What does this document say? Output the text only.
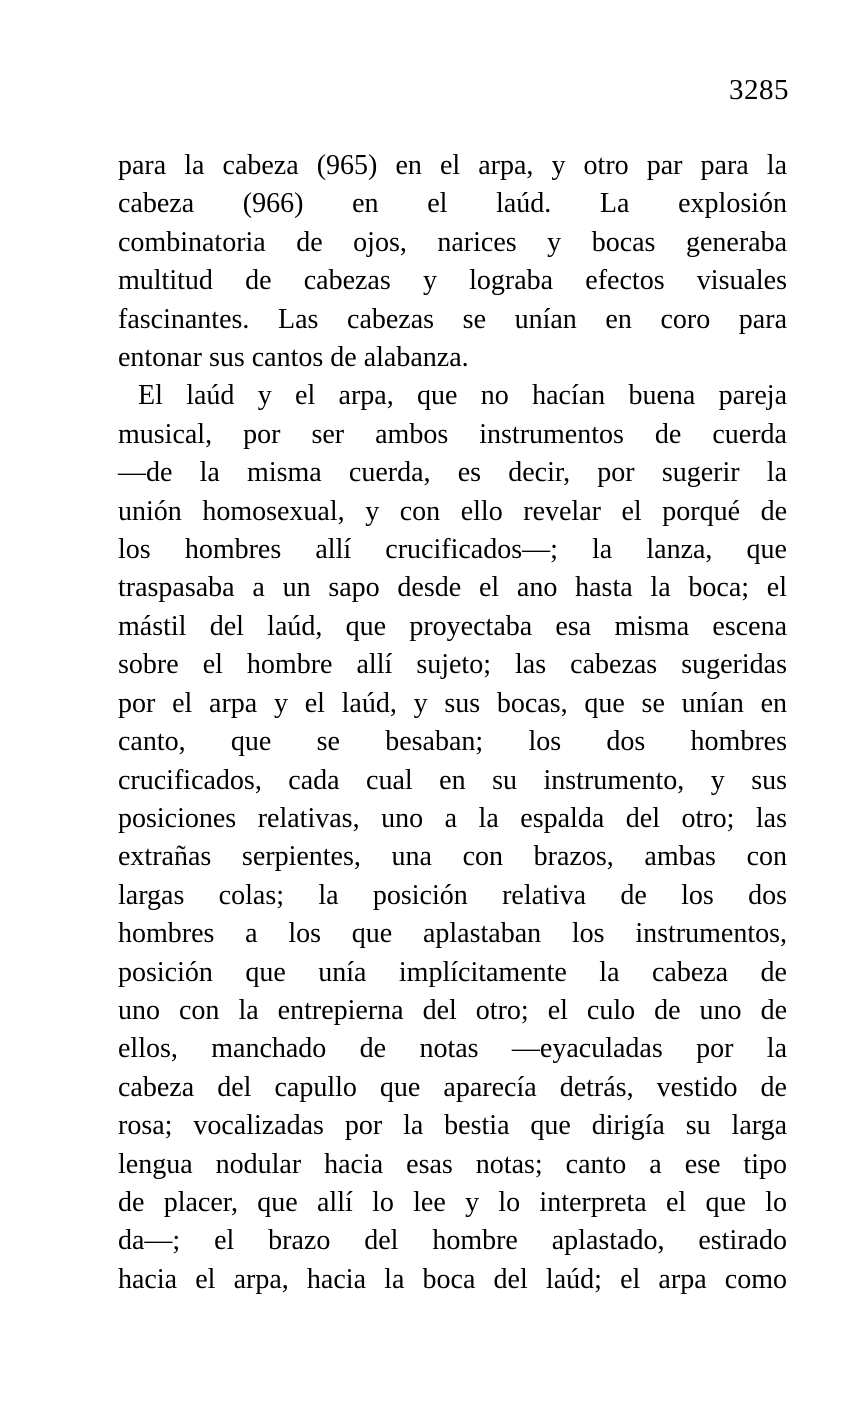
3285
para la cabeza (965) en el arpa, y otro par para la
cabeza (966) en el laúd. La explosión
combinatoria de ojos, narices y bocas generaba
multitud de cabezas y lograba efectos visuales
fascinantes. Las cabezas se unían en coro para
entonar sus cantos de alabanza.
El laúd y el arpa, que no hacían buena pareja
musical, por ser ambos instrumentos de cuerda
—de la misma cuerda, es decir, por sugerir la
unión homosexual, y con ello revelar el porqué de
los hombres allí crucificados—; la lanza, que
traspasaba a un sapo desde el ano hasta la boca; el
mástil del laúd, que proyectaba esa misma escena
sobre el hombre allí sujeto; las cabezas sugeridas
por el arpa y el laúd, y sus bocas, que se unían en
canto, que se besaban; los dos hombres
crucificados, cada cual en su instrumento, y sus
posiciones relativas, uno a la espalda del otro; las
extrañas serpientes, una con brazos, ambas con
largas colas; la posición relativa de los dos
hombres a los que aplastaban los instrumentos,
posición que unía implícitamente la cabeza de
uno con la entrepierna del otro; el culo de uno de
ellos, manchado de notas —eyaculadas por la
cabeza del capullo que aparecía detrás, vestido de
rosa; vocalizadas por la bestia que dirigía su larga
lengua nodular hacia esas notas; canto a ese tipo
de placer, que allí lo lee y lo interpreta el que lo
da—; el brazo del hombre aplastado, estirado
hacia el arpa, hacia la boca del laúd; el arpa como
